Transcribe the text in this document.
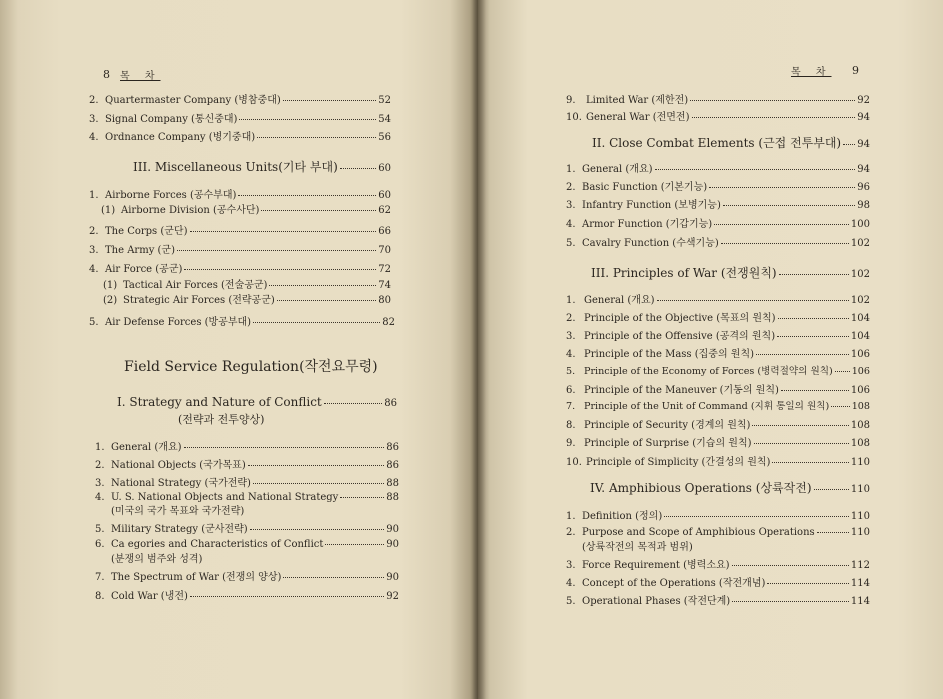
8 목 차
2. Quartermaster Company (병참중대)	52
3. Signal Company (통신중대)	54
4. Ordnance Company (병기중대)	56
III. Miscellaneous Units(기타 부대)	60
1. Airborne Forces (공수부대)	60
(1) Airborne Division (공수사단)	62
2. The Corps (군단)	66
3. The Army (군)	70
4. Air Force (공군)	72
(1) Tactical Air Forces (전술공군)	74
(2) Strategic Air Forces (전략공군)	80
5. Air Defense Forces (방공부대)	82
Field Service Regulation(작전요무령)
I. Strategy and Nature of Conflict	86
(전략과 전투양상)
1. General (개요)	86
2. National Objects (국가목표)	86
3. National Strategy (국가전략)	88
4. U. S. National Objects and National Strategy	88
(미국의 국가 목표와 국가전략)
5. Military Strategy (군사전략)	90
6. Ca egories and Characteristics of Conflict	90
(분쟁의 범주와 성격)
7. The Spectrum of War (전쟁의 양상)	90
8. Cold War (냉전)	92
목 차 9
9.	Limited War (제한전)	92
10. General War (전면전)	94
II. Close Combat Elements (근접 전투부대) 94
1. General (개요)	94
2. Basic Function (기본기능)	96
3. Infantry Function (보병기능)	98
4. Armor Function (기갑기능)	100
5. Cavalry Function (수색기능)	102
III. Principles of War (전쟁원칙)	102
1. General (개요)	102
2. Principle of the Objective (목표의 원칙)	104
3. Principle of the Offensive (공격의 원칙)	104
4. Principle of the Mass (집중의 원칙)	106
5. Principle of the Economy of Forces (병력절약의 원칙) 106
6. Principle of the Maneuver (기동의 원칙)	106
7. Principle of the Unit of Command (지휘 통일의 원칙) 108
8. Principle of Security (경계의 원칙)	108
9. Principle of Surprise (기습의 원칙)	108
10. Principle of Simplicity (간결성의 원칙)	110
IV. Amphibious Operations (상륙작전)	110
1. Definition (정의)	110
2. Purpose and Scope of Amphibious Operations	110
(상륙작전의 목적과 범위)
3. Force Requirement (병력소요)	112
4. Concept of the Operations (작전개념)	114
5. Operational Phases (작전단계)	114
